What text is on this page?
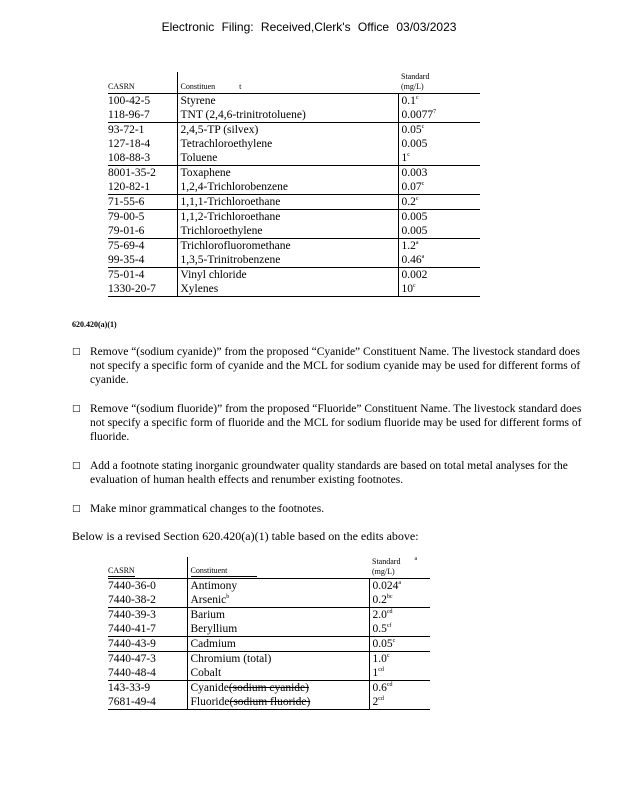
Electronic Filing: Received,Clerk's Office 03/03/2023
CASRN	Constituen t	Standard
(mg/L)

100-42-5	Styrene	0.1$^c$
118-96-7	TNT (2,4,6-trinitrotoluene)	0.0077$^7$
93-72-1	2,4,5-TP (silvex)	0.05$^c$
127-18-4	Tetrachloroethylene	0.005
108-88-3	Toluene	1$^c$
8001-35-2	Toxaphene	0.003
120-82-1	1,2,4-Trichlorobenzene	0.07$^c$
71-55-6	1,1,1-Trichloroethane	0.2$^c$
79-00-5	1,1,2-Trichloroethane	0.005
79-01-6	Trichloroethylene	0.005
75-69-4	Trichlorofluoromethane	1.2$^a$
99-35-4	1,3,5-Trinitrobenzene	0.46$^a$
75-01-4	Vinyl chloride	0.002
1330-20-7	Xylenes	10$^c$
620.420(a)(1)
□ Remove “(sodium cyanide)” from the proposed “Cyanide” Constituent Name. The livestock standard does not specify a specific form of cyanide and the MCL for sodium cyanide may be used for different forms of cyanide.
□ Remove “(sodium fluoride)” from the proposed “Fluoride” Constituent Name. The livestock standard does not specify a specific form of fluoride and the MCL for sodium fluoride may be used for different forms of fluoride.
□ Add a footnote stating inorganic groundwater quality standards are based on total metal analyses for the evaluation of human health effects and renumber existing footnotes.
□ Make minor grammatical changes to the footnotes.
Below is a revised Section 620.420(a)(1) table based on the edits above:
CASRN	Constituent	Standard $^a$
(mg/L)

7440-36-0	Antimony	0.024$^a$
7440-38-2	Arsenic$^b$	0.2$^{bc}$
7440-39-3	Barium	2.0$^{cd}$
7440-41-7	Beryllium	0.5$^{cf}$
7440-43-9	Cadmium	0.05$^c$
7440-47-3	Chromium (total)	1.0$^c$
7440-48-4	Cobalt	$1^{cd}$
143-33-9	Cyanide(sodium cyanide)	0.6$^{cd}$
7681-49-4	Fluoride(sodium fluoride)	$2^{cd}$
